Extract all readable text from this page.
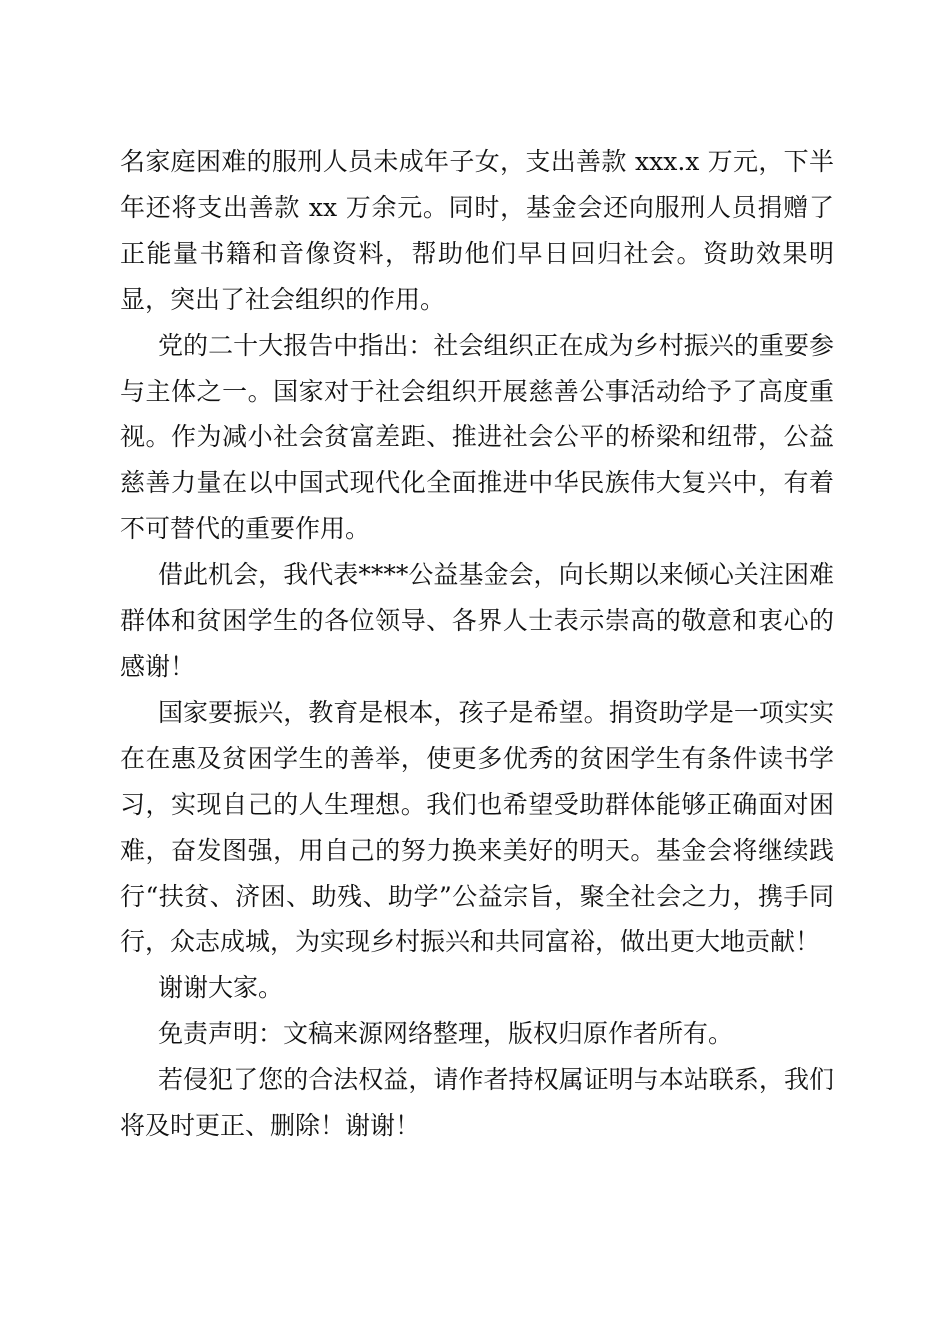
名家庭困难的服刑人员未成年子女，支出善款 xxx.x 万元，下半年还将支出善款 xx 万余元。同时，基金会还向服刑人员捐赠了正能量书籍和音像资料，帮助他们早日回归社会。资助效果明显，突出了社会组织的作用。

党的二十大报告中指出：社会组织正在成为乡村振兴的重要参与主体之一。国家对于社会组织开展慈善公事活动给予了高度重视。作为减小社会贫富差距、推进社会公平的桥梁和纽带，公益慈善力量在以中国式现代化全面推进中华民族伟大复兴中，有着不可替代的重要作用。

借此机会，我代表****公益基金会，向长期以来倾心关注困难群体和贫困学生的各位领导、各界人士表示崇高的敬意和衷心的感谢！

国家要振兴，教育是根本，孩子是希望。捐资助学是一项实实在在惠及贫困学生的善举，使更多优秀的贫困学生有条件读书学习，实现自己的人生理想。我们也希望受助群体能够正确面对困难，奋发图强，用自己的努力换来美好的明天。基金会将继续践行“扶贫、济困、助残、助学”公益宗旨，聚全社会之力，携手同行，众志成城，为实现乡村振兴和共同富裕，做出更大地贡献！

谢谢大家。

免责声明：文稿来源网络整理，版权归原作者所有。

若侵犯了您的合法权益，请作者持权属证明与本站联系，我们将及时更正、删除！谢谢！
